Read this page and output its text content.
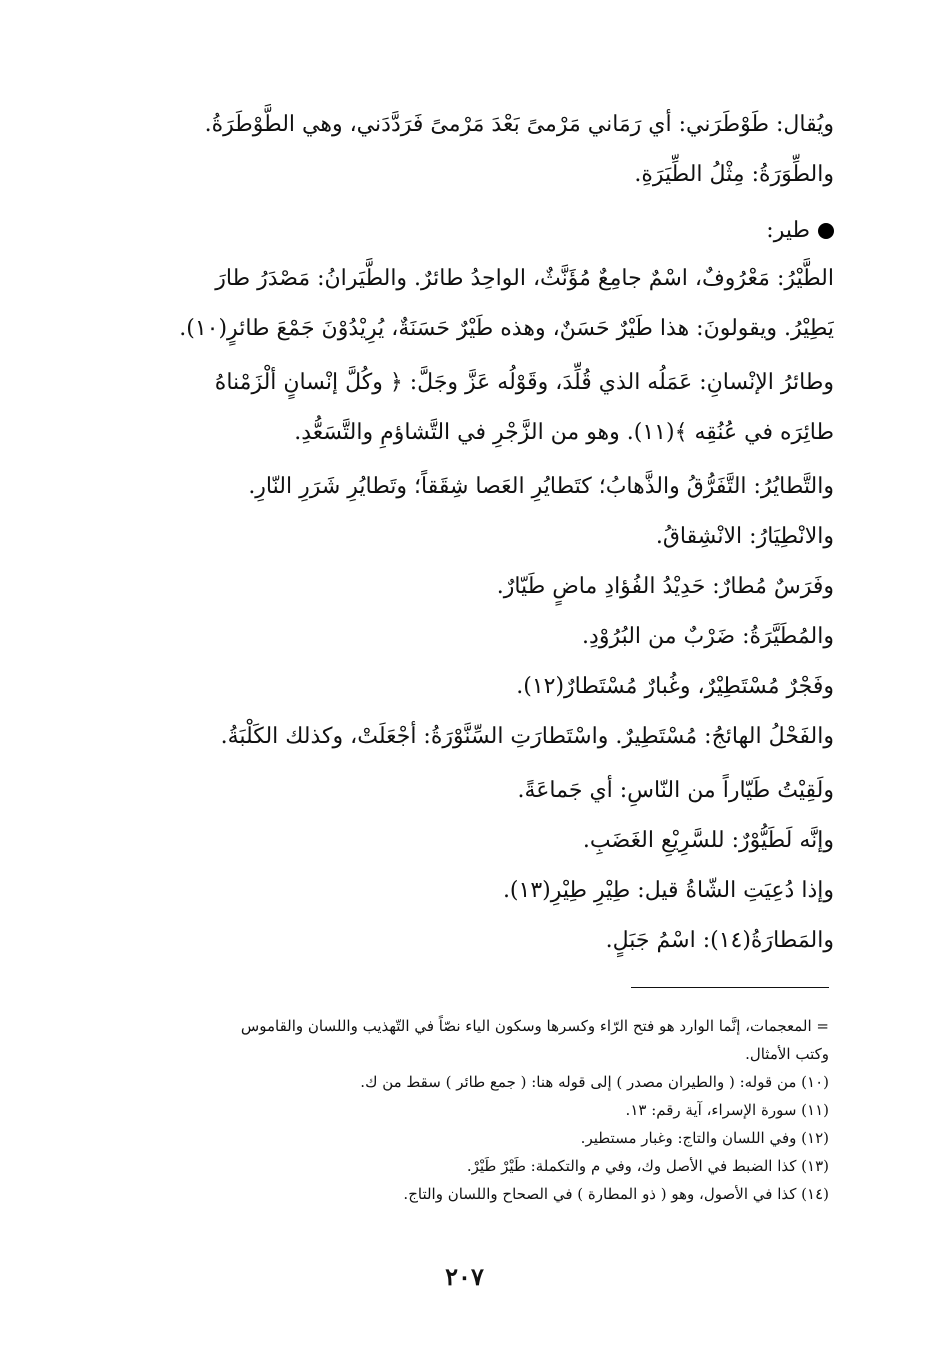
ويُقال: طَوْطَرَني: أي رَمَاني مَرْمىً بَعْدَ مَرْمىً فَرَدَّدَني، وهي الطَّوْطَرَةُ.
والطِّوَرَةُ: مِثْلُ الطِّيَرَةِ.
طير:
الطَّيْرُ: مَعْرُوفٌ، اسْمٌ جامِعٌ مُؤَنَّثٌ، الواحِدُ طائرٌ. والطَّيَرانُ: مَصْدَرُ طارَ
يَطِيْرُ. ويقولونَ: هذا طَيْرٌ حَسَنٌ، وهذه طَيْرٌ حَسَنَةٌ، يُرِيْدُوْنَ جَمْعَ طائرٍ(١٠).
وطائرُ الإنْسانِ: عَمَلُه الذي قُلِّدَ، وقَوْلُه عَزَّ وجَلَّ: ﴿ وكُلَّ إنْسانٍ ألْزَمْناهُ
طائِرَه في عُنُقِه ﴾(١١). وهو من الزَّجْرِ في التَّشاؤمِ والتَّسَعُّدِ.
والتَّطايُرُ: التَّفَرُّقُ والذَّهابُ؛ كتَطايُرِ العَصا شِقَقاً؛ وتَطايُرِ شَرَرِ النّارِ.
والانْطِيَارُ: الانْشِقاقُ.
وفَرَسٌ مُطارٌ: حَدِيْدُ الفُؤادِ ماضٍ طَيّارٌ.
والمُطَيَّرَةُ: ضَرْبٌ من البُرُوْدِ.
وفَجْرٌ مُسْتَطِيْرٌ، وغُبارٌ مُسْتَطارٌ(١٢).
والفَحْلُ الهائجُ: مُسْتَطِيرٌ. واسْتَطارَتِ السِّنَّوْرَةُ: أجْعَلَتْ، وكذلك الكَلْبَةُ.
ولَقِيْتُ طَيّاراً من النّاسِ: أي جَماعَةً.
وإنَّه لَطَيُّوْرٌ: للسَّرِيْعِ الغَضَبِ.
وإذا دُعِيَتِ الشّاةُ قيل: طِيْرِ طِيْرِ(١٣).
والمَطارَةُ(١٤): اسْمُ جَبَلٍ.
= المعجمات، إنَّما الوارد هو فتح الرّاء وكسرها وسكون الياء نصّاً في التّهذيب واللسان والقاموس
وكتب الأمثال.
(١٠) من قوله: ( والطيران مصدر ) إلى قوله هنا: ( جمع طائر ) سقط من ك.
(١١) سورة الإسراء، آية رقم: ١٣.
(١٢) وفي اللسان والتاج: وغبار مستطير.
(١٣) كذا الضبط في الأصل وك، وفي م والتكملة: طَيْرْ طَيْرْ.
(١٤) كذا في الأصول، وهو ( ذو المطارة ) في الصحاح واللسان والتاج.
٢٠٧
